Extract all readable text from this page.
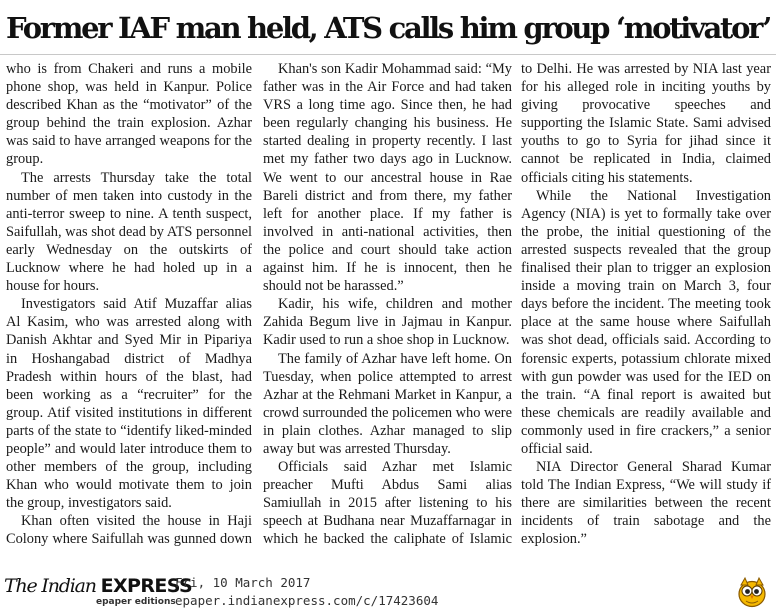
Former IAF man held, ATS calls him group ‘motivator’

who is from Chakeri and runs a mobile phone shop, was held in Kanpur. Police described Khan as the “motivator” of the group behind the train explosion. Azhar was said to have arranged weapons for the group.

The arrests Thursday take the total number of men taken into custody in the anti-terror sweep to nine. A tenth suspect, Saifullah, was shot dead by ATS personnel early Wednesday on the outskirts of Lucknow where he had holed up in a house for hours.

Investigators said Atif Muzaffar alias Al Kasim, who was arrested along with Danish Akhtar and Syed Mir in Pipariya in Hoshangabad district of Madhya Pradesh within hours of the blast, had been working as a “recruiter” for the group. Atif visited institutions in different parts of the state to “identify liked-minded people” and would later introduce them to other members of the group, including Khan who would motivate them to join the group, investigators said.

Khan often visited the house in Haji Colony where Saifullah was gunned down

Khan's son Kadir Mohammad said: “My father was in the Air Force and had taken VRS a long time ago. Since then, he had been regularly changing his business. He started dealing in property recently. I last met my father two days ago in Lucknow. We went to our ancestral house in Rae Bareli district and from there, my father left for another place. If my father is involved in anti-national activities, then the police and court should take action against him. If he is innocent, then he should not be harassed.”

Kadir, his wife, children and mother Zahida Begum live in Jajmau in Kanpur. Kadir used to run a shoe shop in Lucknow.

The family of Azhar have left home. On Tuesday, when police attempted to arrest Azhar at the Rehmani Market in Kanpur, a crowd surrounded the policemen who were in plain clothes. Azhar managed to slip away but was arrested Thursday.

Officials said Azhar met Islamic preacher Mufti Abdus Sami alias Samiullah in 2015 after listening to his speech at Budhana near Muzaffarnagar in which he backed the caliphate of Islamic

to Delhi. He was arrested by NIA last year for his alleged role in inciting youths by giving provocative speeches and supporting the Islamic State. Sami advised youths to go to Syria for jihad since it cannot be replicated in India, claimed officials citing his statements.

While the National Investigation Agency (NIA) is yet to formally take over the probe, the initial questioning of the arrested suspects revealed that the group finalised their plan to trigger an explosion inside a moving train on March 3, four days before the incident. The meeting took place at the same house where Saifullah was shot dead, officials said. According to forensic experts, potassium chlorate mixed with gun powder was used for the IED on the train. “A final report is awaited but these chemicals are readily available and commonly used in fire crackers,” a senior official said.

NIA Director General Sharad Kumar told The Indian Express, “We will study if there are similarities between the recent incidents of train sabotage and the explosion.”

The Indian EXPRESS
epaper editions
Fri, 10 March 2017
epaper.indianexpress.com/c/17423604
